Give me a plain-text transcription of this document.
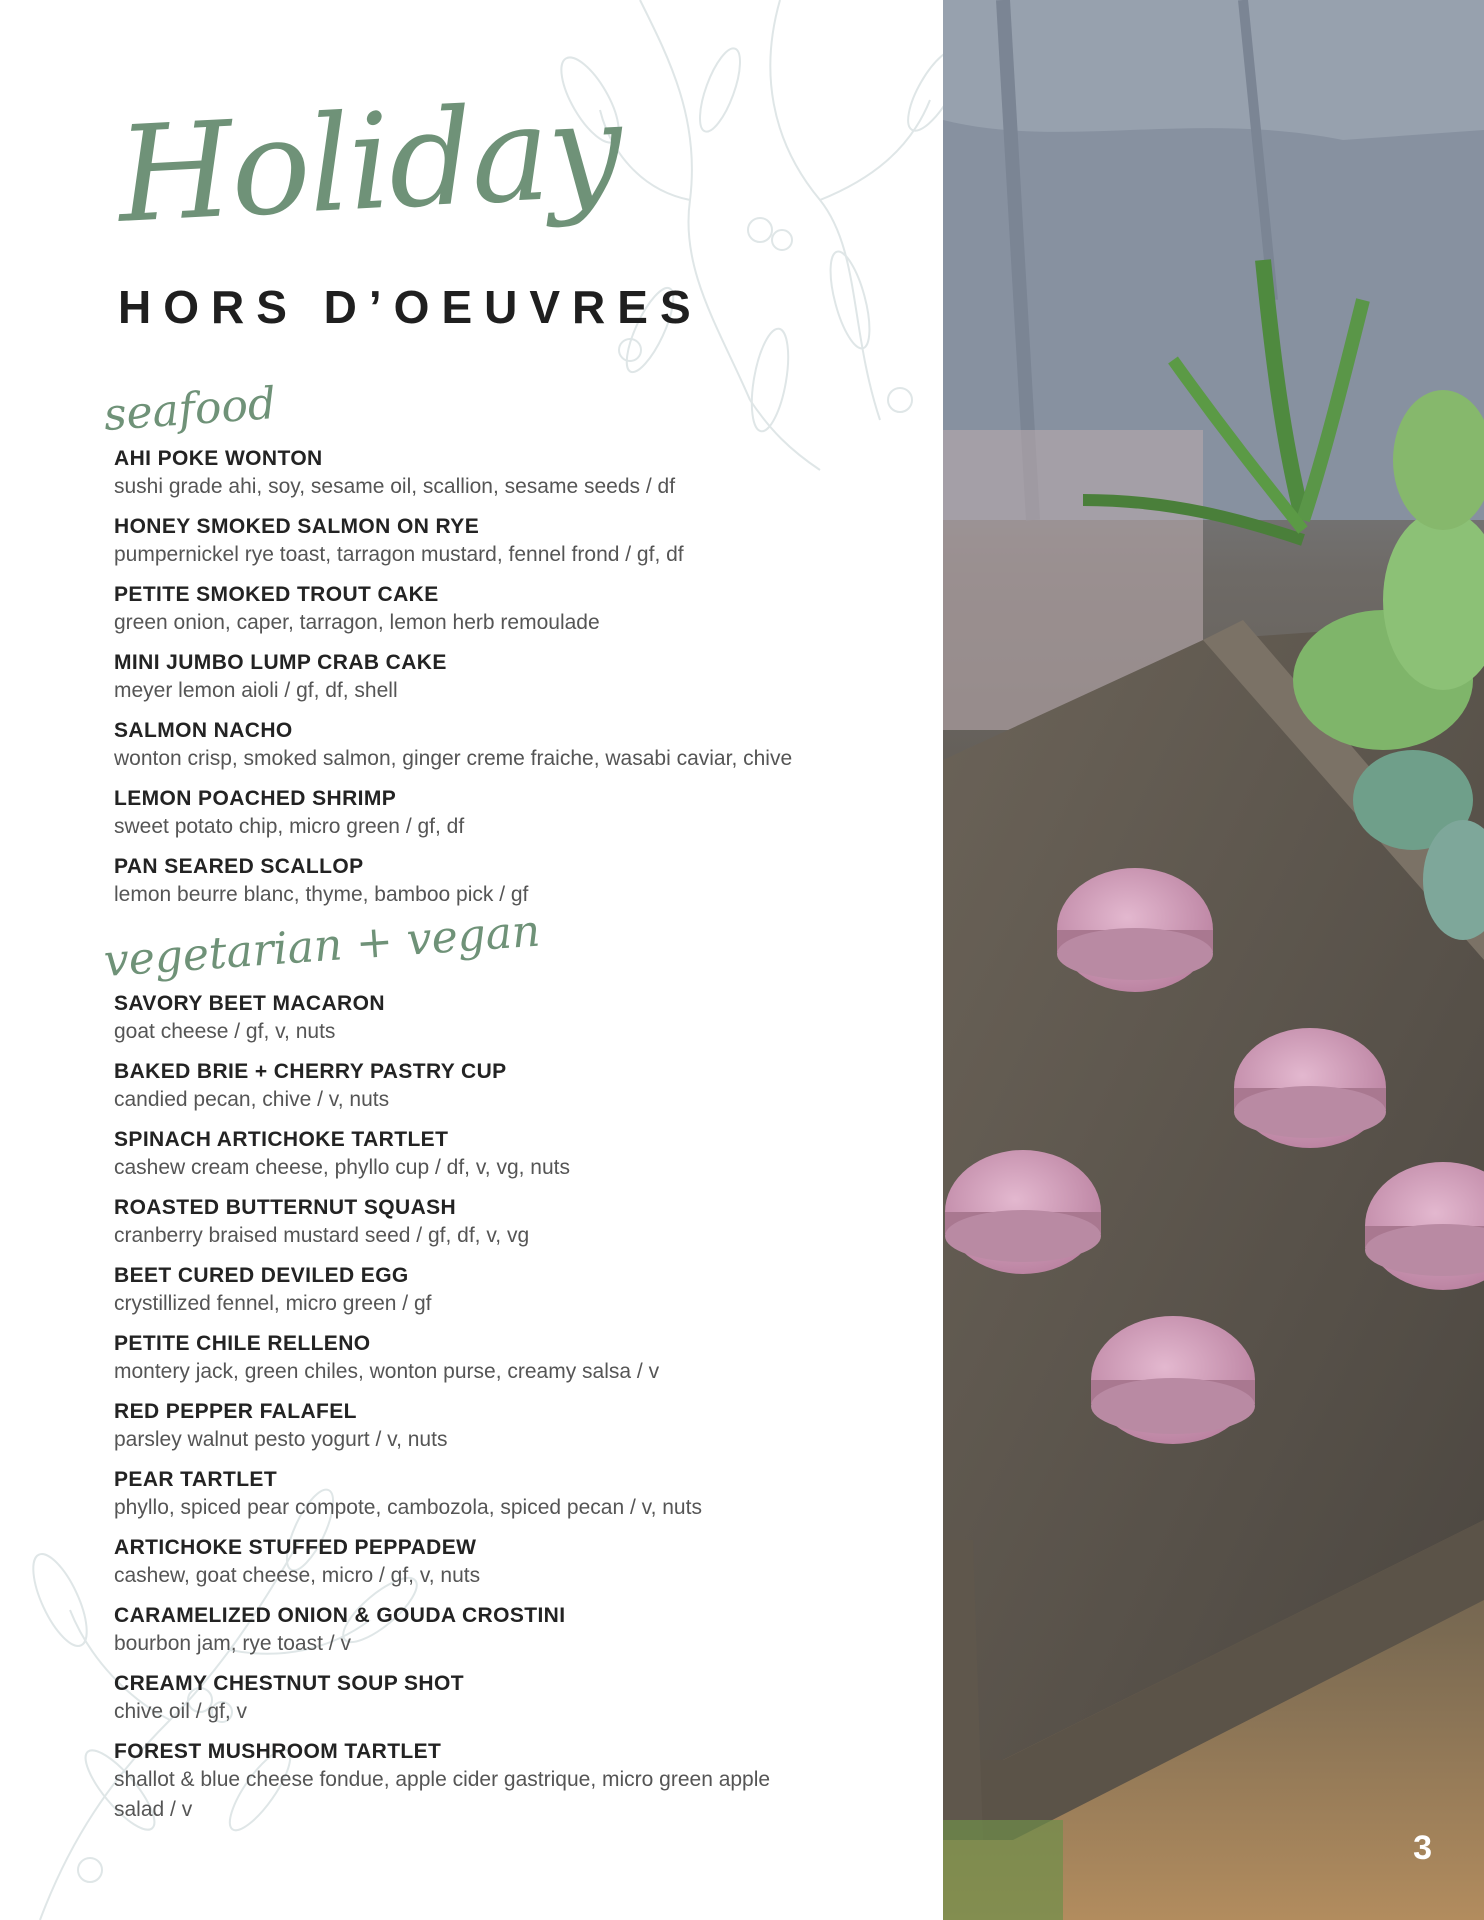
Holiday
HORS D’OEUVRES
seafood
AHI POKE WONTON
sushi grade ahi, soy, sesame oil, scallion, sesame seeds / df
HONEY SMOKED SALMON ON RYE
pumpernickel rye toast, tarragon mustard, fennel frond / gf, df
PETITE SMOKED TROUT CAKE
green onion, caper, tarragon, lemon herb remoulade
MINI JUMBO LUMP CRAB CAKE
meyer lemon aioli / gf, df, shell
SALMON NACHO
wonton crisp, smoked salmon, ginger creme fraiche, wasabi caviar, chive
LEMON POACHED SHRIMP
sweet potato chip, micro green / gf, df
PAN SEARED SCALLOP
lemon beurre blanc, thyme, bamboo pick / gf
vegetarian + vegan
SAVORY BEET MACARON
goat cheese / gf, v, nuts
BAKED BRIE + CHERRY PASTRY CUP
candied pecan, chive / v, nuts
SPINACH ARTICHOKE TARTLET
cashew cream cheese, phyllo cup / df, v, vg, nuts
ROASTED BUTTERNUT SQUASH
cranberry braised mustard seed / gf, df, v, vg
BEET CURED DEVILED EGG
crystillized fennel, micro green / gf
PETITE CHILE RELLENO
montery jack, green chiles, wonton purse, creamy salsa / v
RED PEPPER FALAFEL
parsley walnut pesto yogurt / v, nuts
PEAR TARTLET
phyllo, spiced pear compote, cambozola, spiced pecan / v, nuts
ARTICHOKE STUFFED PEPPADEW
cashew, goat cheese, micro / gf, v, nuts
CARAMELIZED ONION & GOUDA CROSTINI
bourbon jam, rye toast / v
CREAMY CHESTNUT SOUP SHOT
chive oil / gf, v
FOREST MUSHROOM TARTLET
shallot & blue cheese fondue, apple cider gastrique, micro green apple salad / v
3
